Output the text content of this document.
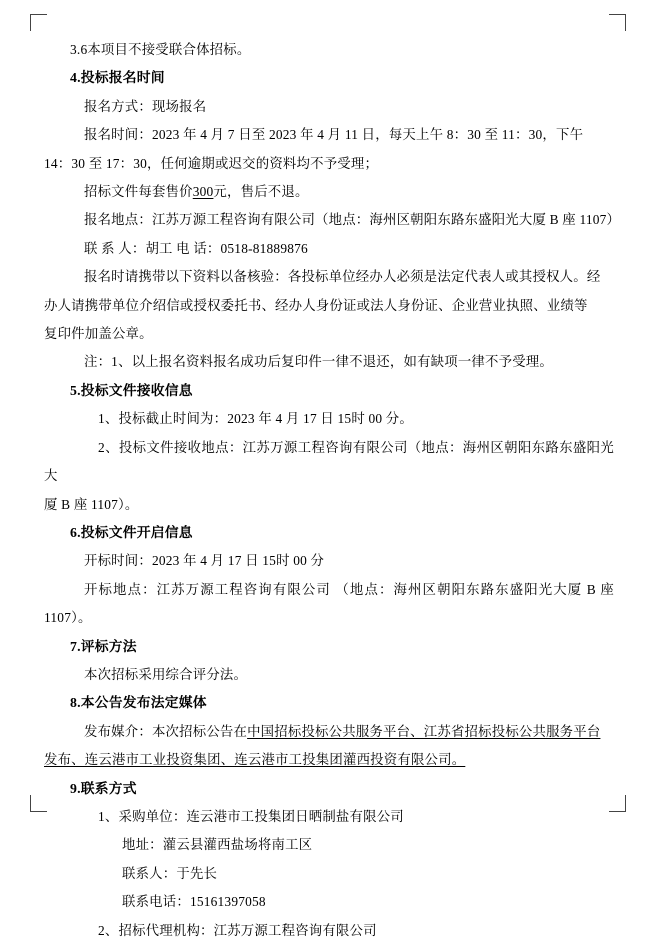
3.6本项目不接受联合体招标。

4.投标报名时间

报名方式：现场报名

报名时间：2023 年 4 月 7 日至 2023 年 4 月 11 日，每天上午 8：30 至 11：30，下午

14：30 至 17：30，任何逾期或迟交的资料均不予受理；

招标文件每套售价300元，售后不退。

报名地点：江苏万源工程咨询有限公司（地点：海州区朝阳东路东盛阳光大厦 B 座 1107）

联 系 人：胡工 电 话：0518-81889876

报名时请携带以下资料以备核验：各投标单位经办人必须是法定代表人或其授权人。经

办人请携带单位介绍信或授权委托书、经办人身份证或法人身份证、企业营业执照、业绩等

复印件加盖公章。

注：1、以上报名资料报名成功后复印件一律不退还，如有缺项一律不予受理。

5.投标文件接收信息

1、投标截止时间为：2023 年 4 月 17 日 15时 00 分。

2、投标文件接收地点：江苏万源工程咨询有限公司（地点：海州区朝阳东路东盛阳光大

厦 B 座 1107）。

6.投标文件开启信息

开标时间：2023 年 4 月 17 日 15时 00 分

开标地点：江苏万源工程咨询有限公司 （地点：海州区朝阳东路东盛阳光大厦 B 座 1107）。

7.评标方法

本次招标采用综合评分法。

8.本公告发布法定媒体

发布媒介：本次招标公告在中国招标投标公共服务平台、江苏省招标投标公共服务平台

发布、连云港市工业投资集团、连云港市工投集团灌西投资有限公司。

9.联系方式

1、采购单位：连云港市工投集团日晒制盐有限公司

地址：灌云县灌西盐场将南工区

联系人：于先长

联系电话：15161397058

2、招标代理机构：江苏万源工程咨询有限公司
